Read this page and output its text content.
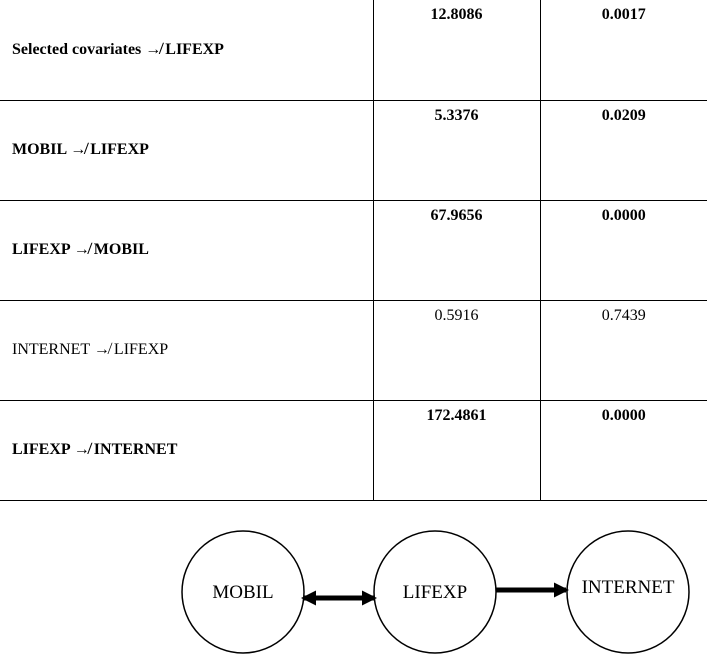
Selected covariates ↛ LIFEXP	12.8086	0.0017
MOBIL ↛ LIFEXP	5.3376	0.0209
LIFEXP ↛ MOBIL	67.9656	0.0000
INTERNET ↛ LIFEXP	0.5916	0.7439
LIFEXP ↛ INTERNET	172.4861	0.0000
MOBIL	LIFEXP	INTERNET
